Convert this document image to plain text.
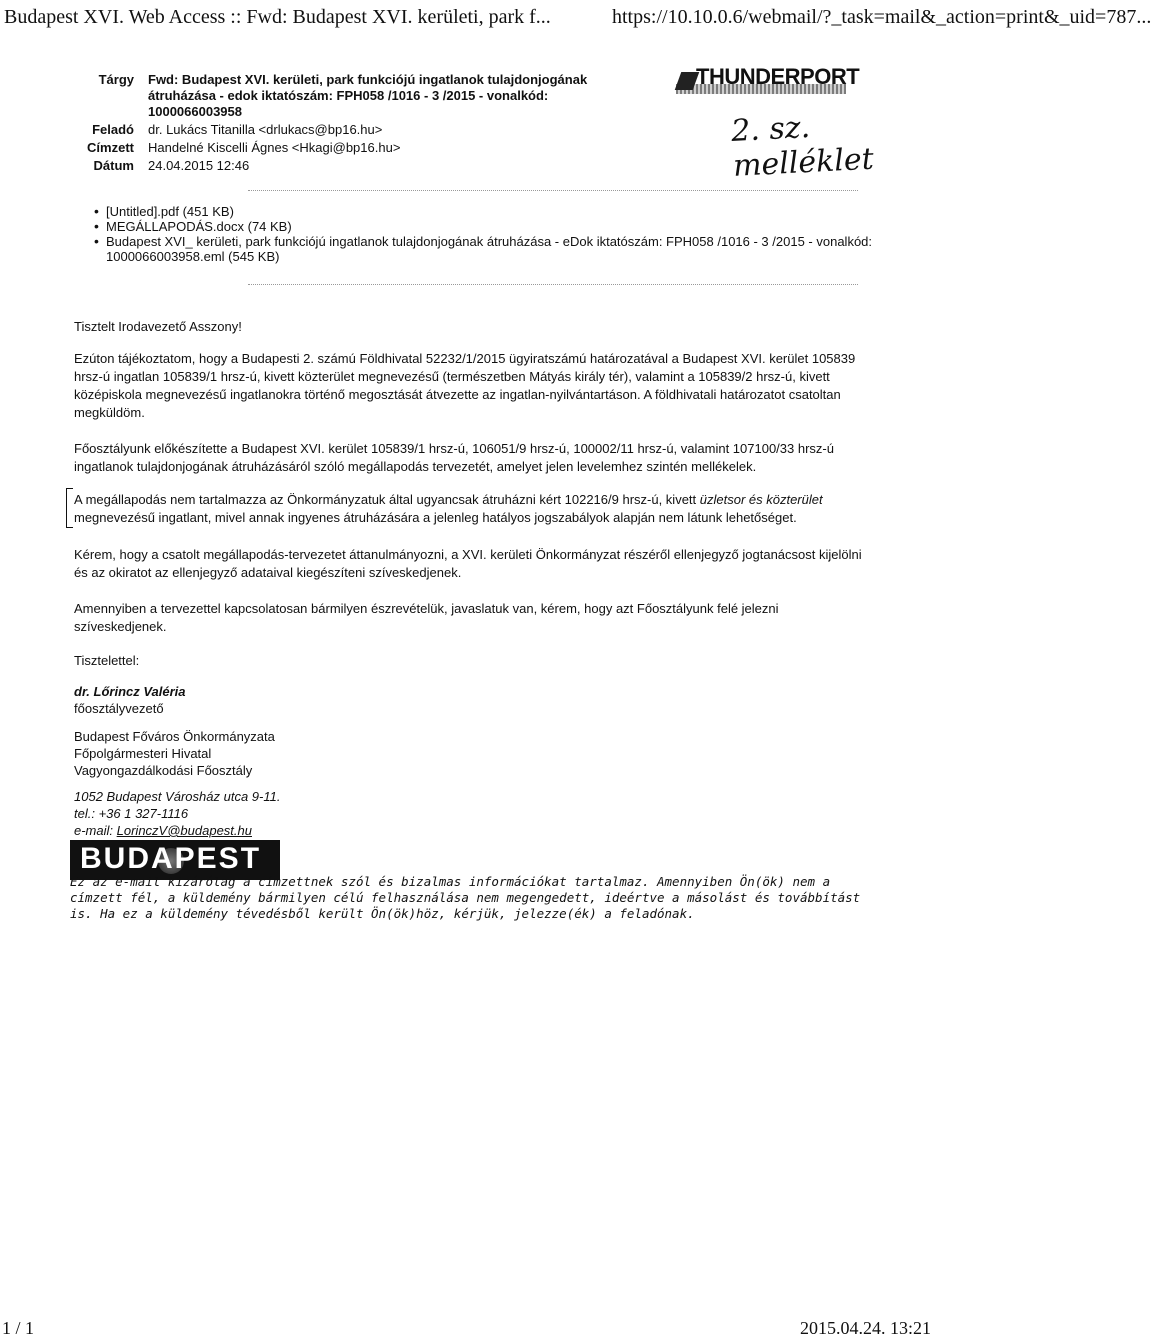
Budapest XVI. Web Access :: Fwd: Budapest XVI. kerületi, park f...	https://10.10.0.6/webmail/?_task=mail&_action=print&_uid=787...
Tárgy Fwd: Budapest XVI. kerületi, park funkciójú ingatlanok tulajdonjogának
átruházása - edok iktatószám: FPH058 /1016 - 3 /2015 - vonalkód:
1000066003958
Feladó dr. Lukács Titanilla <drlukacs@bp16.hu>
Címzett Handelné Kiscelli Ágnes <Hkagi@bp16.hu>
Dátum 24.04.2015 12:46
THUNDERPORT
2. sz. melléklet
• [Untitled].pdf (451 KB)
• MEGÁLLAPODÁS.docx (74 KB)
• Budapest XVI_ kerületi, park funkciójú ingatlanok tulajdonjogának átruházása - eDok iktatószám: FPH058 /1016 - 3 /2015 - vonalkód: 1000066003958.eml (545 KB)
Tisztelt Irodavezető Asszony!
Ezúton tájékoztatom, hogy a Budapesti 2. számú Földhivatal 52232/1/2015 ügyiratszámú határozatával a Budapest XVI. kerület 105839 hrsz-ú ingatlan 105839/1 hrsz-ú, kivett közterület megnevezésű (természetben Mátyás király tér), valamint a 105839/2 hrsz-ú, kivett középiskola megnevezésű ingatlanokra történő megosztását átvezette az ingatlan-nyilvántartáson. A földhivatali határozatot csatoltan megküldöm.
Főosztályunk előkészítette a Budapest XVI. kerület 105839/1 hrsz-ú, 106051/9 hrsz-ú, 100002/11 hrsz-ú, valamint 107100/33 hrsz-ú ingatlanok tulajdonjogának átruházásáról szóló megállapodás tervezetét, amelyet jelen levelemhez szintén mellékelek.
A megállapodás nem tartalmazza az Önkormányzatuk által ugyancsak átruházni kért 102216/9 hrsz-ú, kivett üzletsor és közterület
megnevezésű ingatlant, mivel annak ingyenes átruházására a jelenleg hatályos jogszabályok alapján nem látunk lehetőséget.
Kérem, hogy a csatolt megállapodás-tervezetet áttanulmányozni, a XVI. kerületi Önkormányzat részéről ellenjegyző jogtanácsost kijelölni és az okiratot az ellenjegyző adataival kiegészíteni szíveskedjenek.
Amennyiben a tervezettel kapcsolatosan bármilyen észrevételük, javaslatuk van, kérem, hogy azt Főosztályunk felé jelezni szíveskedjenek.
Tisztelettel:
dr. Lőrincz Valéria
főosztályvezető
Budapest Főváros Önkormányzata
Főpolgármesteri Hivatal
Vagyongazdálkodási Főosztály
1052 Budapest Városház utca 9-11.
tel.: +36 1 327-1116
e-mail: LorinczV@budapest.hu
BUDAPEST
Ez az e-mail kizárólag a címzettnek szól és bizalmas információkat tartalmaz. Amennyiben Ön(ök) nem a címzett fél, a küldemény bármilyen célú felhasználása nem megengedett, ideértve a másolást és továbbítást is. Ha ez a küldemény tévedésből került Ön(ök)höz, kérjük, jelezze(ék) a feladónak.
1 / 1	2015.04.24. 13:21
